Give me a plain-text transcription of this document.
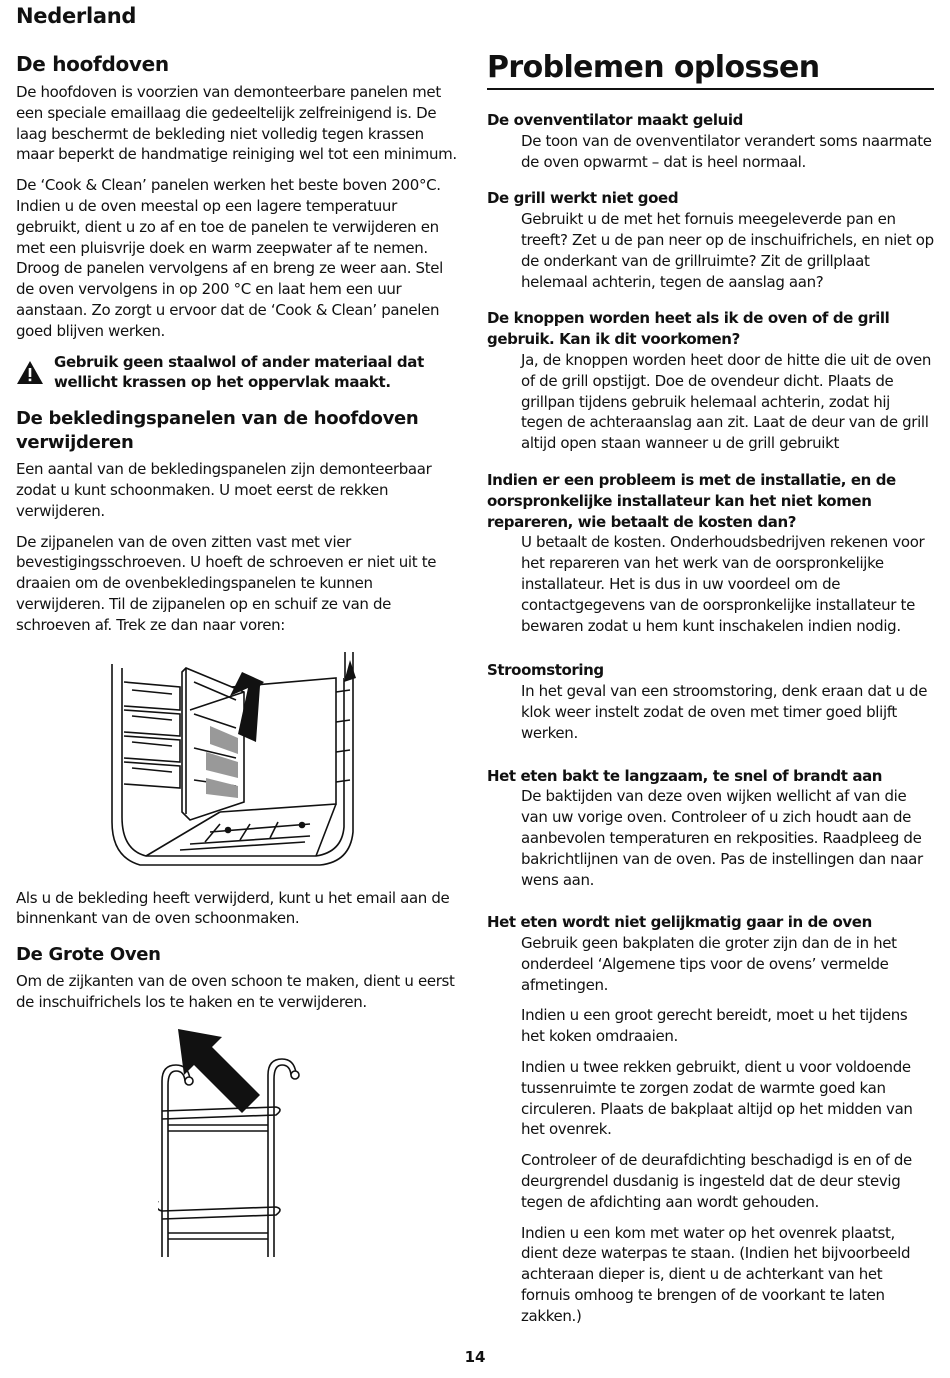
Nederland
De hoofdoven

De hoofdoven is voorzien van demonteerbare panelen met een speciale emaillaag die gedeeltelijk zelfreinigend is. De laag beschermt de bekleding niet volledig tegen krassen maar beperkt de handmatige reiniging wel tot een minimum.

De ‘Cook & Clean’ panelen werken het beste boven 200°C. Indien u de oven meestal op een lagere temperatuur gebruikt, dient u zo af en toe de panelen te verwijderen en met een pluisvrije doek en warm zeepwater af te nemen. Droog de panelen vervolgens af en breng ze weer aan. Stel de oven vervolgens in op 200 °C en laat hem een uur aanstaan. Zo zorgt u ervoor dat de ‘Cook & Clean’ panelen goed blijven werken.

Gebruik geen staalwol of ander materiaal dat wellicht krassen op het oppervlak maakt.

De bekledingspanelen van de hoofdoven verwijderen

Een aantal van de bekledingspanelen zijn demonteerbaar zodat u kunt schoonmaken. U moet eerst de rekken verwijderen.

De zijpanelen van de oven zitten vast met vier bevestigingsschroeven. U hoeft de schroeven er niet uit te draaien om de ovenbekledingspanelen te kunnen verwijderen. Til de zijpanelen op en schuif ze van de schroeven af. Trek ze dan naar voren:

Als u de bekleding heeft verwijderd, kunt u het email aan de binnenkant van de oven schoonmaken.

De Grote Oven

Om de zijkanten van de oven schoon te maken, dient u eerst de inschuifrichels los te haken en te verwijderen.

Problemen oplossen

De ovenventilator maakt geluid

De toon van de ovenventilator verandert soms naarmate de oven opwarmt – dat is heel normaal.

De grill werkt niet goed

Gebruikt u de met het fornuis meegeleverde pan en treeft? Zet u de pan neer op de inschuifrichels, en niet op de onderkant van de grillruimte? Zit de grillplaat helemaal achterin, tegen de aanslag aan?

De knoppen worden heet als ik de oven of de grill gebruik. Kan ik dit voorkomen?

Ja, de knoppen worden heet door de hitte die uit de oven of de grill opstijgt. Doe de ovendeur dicht. Plaats de grillpan tijdens gebruik helemaal achterin, zodat hij tegen de achteraanslag aan zit. Laat de deur van de grill altijd open staan wanneer u de grill gebruikt

Indien er een probleem is met de installatie, en de oorspronkelijke installateur kan het niet komen repareren, wie betaalt de kosten dan?

U betaalt de kosten. Onderhoudsbedrijven rekenen voor het repareren van het werk van de oorspronkelijke installateur. Het is dus in uw voordeel om de contactgegevens van de oorspronkelijke installateur te bewaren zodat u hem kunt inschakelen indien nodig.

Stroomstoring

In het geval van een stroomstoring, denk eraan dat u de klok weer instelt zodat de oven met timer goed blijft werken.

Het eten bakt te langzaam, te snel of brandt aan

De baktijden van deze oven wijken wellicht af van die van uw vorige oven. Controleer of u zich houdt aan de aanbevolen temperaturen en rekposities. Raadpleeg de bakrichtlijnen van de oven. Pas de instellingen dan naar wens aan.

Het eten wordt niet gelijkmatig gaar in de oven

Gebruik geen bakplaten die groter zijn dan de in het onderdeel ‘Algemene tips voor de ovens’ vermelde afmetingen.

Indien u een groot gerecht bereidt, moet u het tijdens het koken omdraaien.

Indien u twee rekken gebruikt, dient u voor voldoende tussenruimte te zorgen zodat de warmte goed kan circuleren. Plaats de bakplaat altijd op het midden van het ovenrek.

Controleer of de deurafdichting beschadigd is en of de deurgrendel dusdanig is ingesteld dat de deur stevig tegen de afdichting aan wordt gehouden.

Indien u een kom met water op het ovenrek plaatst, dient deze waterpas te staan. (Indien het bijvoorbeeld achteraan dieper is, dient u de achterkant van het fornuis omhoog te brengen of de voorkant te laten zakken.)

14
